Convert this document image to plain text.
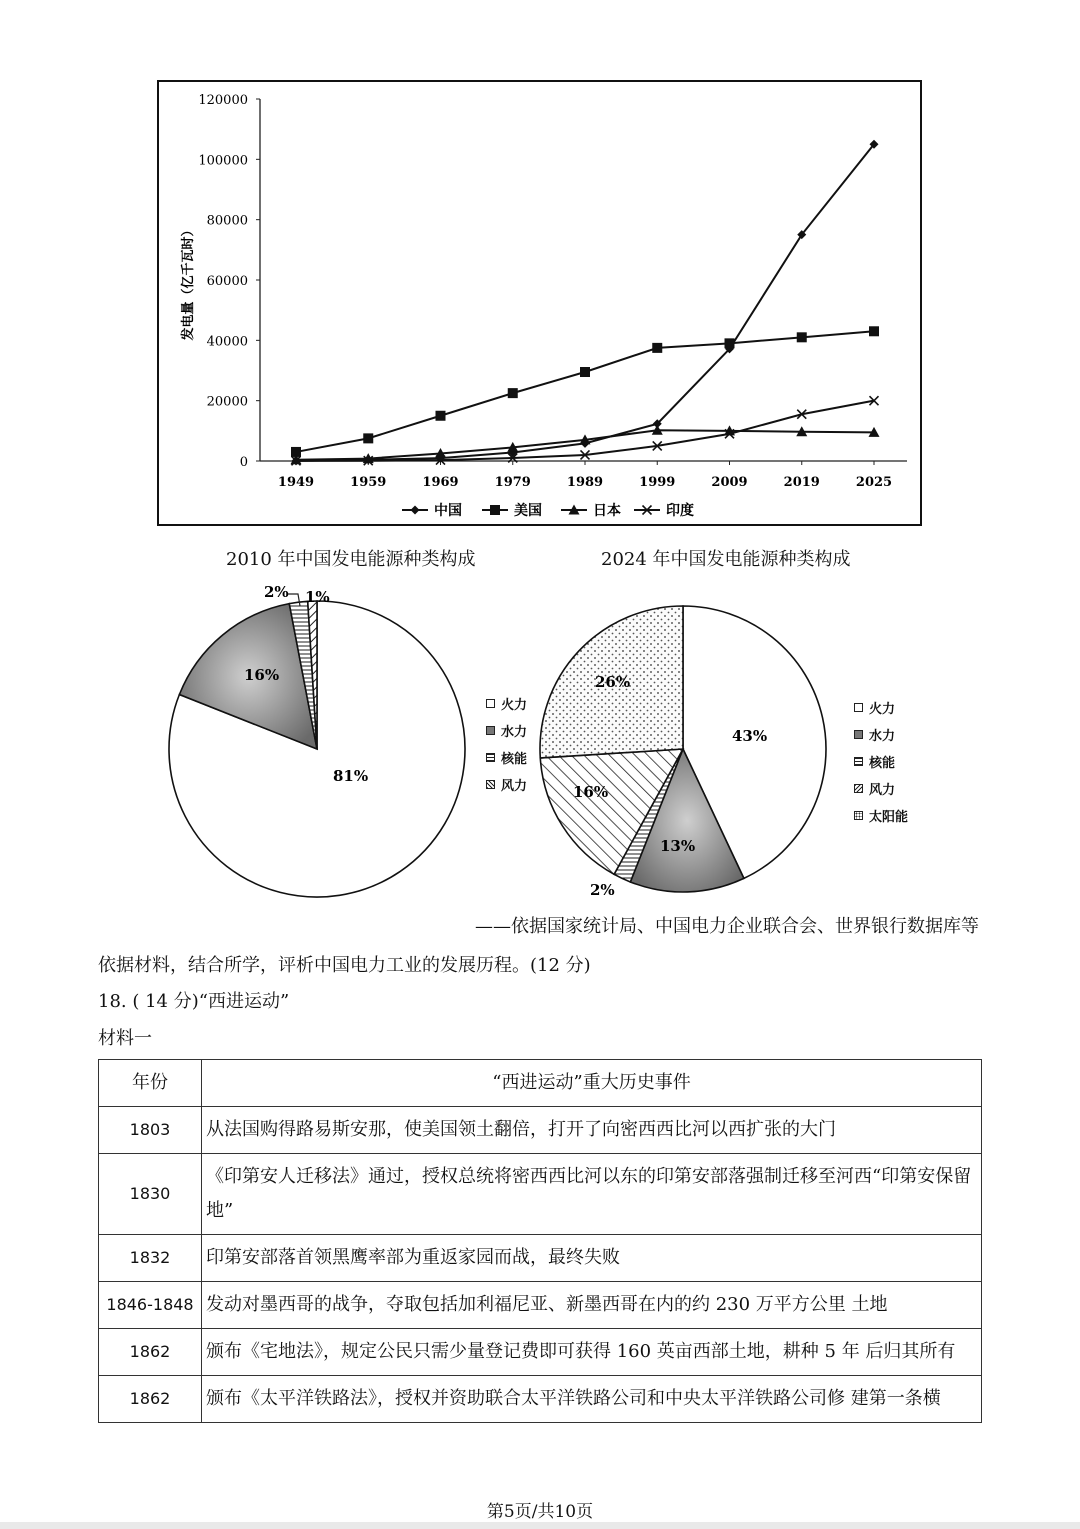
0
20000
40000
60000
80000
100000
120000
1949	1959	1969	1979	1989	1999	2009	2019	2025
发电量（亿千瓦时）
中国	美国	日本	印度
2010 年中国发电能源种类构成	2024 年中国发电能源种类构成
16%
81%
2% 1%
火力
水力
核能
风力
43%
13%
2%
16%
26%
火力
水力
核能
风力
太阳能
——依据国家统计局、中国电力企业联合会、世界银行数据库等
依据材料，结合所学，评析中国电力工业的发展历程。(12 分)
18. ( 14 分)“西进运动”
材料一
年份	“西进运动”重大历史事件
1803	从法国购得路易斯安那，使美国领土翻倍，打开了向密西西比河以西扩张的大门
1830	《印第安人迁移法》通过，授权总统将密西西比河以东的印第安部落强制迁移至河西“印第安保留地”
1832	印第安部落首领黑鹰率部为重返家园而战，最终失败
1846-1848	发动对墨西哥的战争，夺取包括加利福尼亚、新墨西哥在内的约 230 万平方公里 土地
1862	颁布《宅地法》，规定公民只需少量登记费即可获得 160 英亩西部土地，耕种 5 年 后归其所有
1862	颁布《太平洋铁路法》，授权并资助联合太平洋铁路公司和中央太平洋铁路公司修 建第一条横
第5页/共10页
